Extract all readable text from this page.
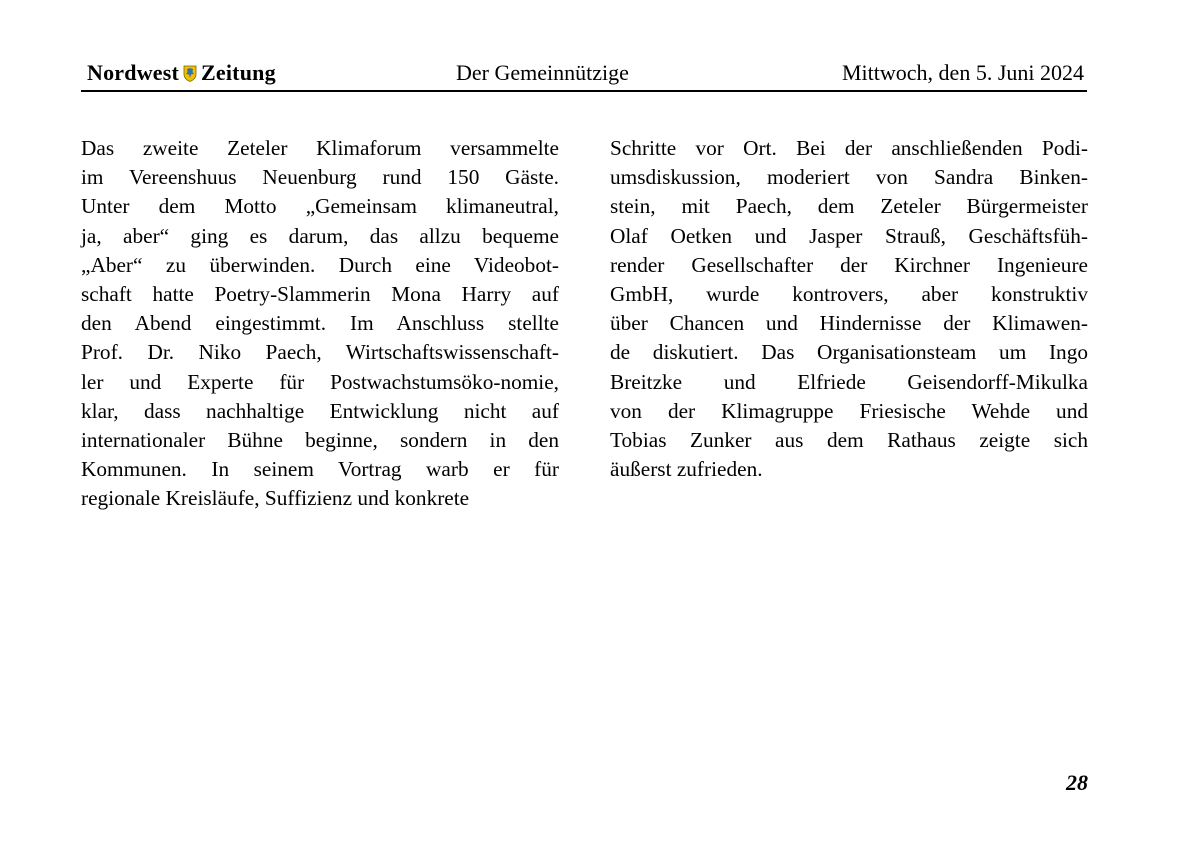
Nordwest Zeitung	Der Gemeinnützige	Mittwoch, den 5. Juni 2024
Das zweite Zeteler Klimaforum versammelte
im Vereenshuus Neuenburg rund 150 Gäste.
Unter dem Motto „Gemeinsam klimaneutral,
ja, aber“ ging es darum, das allzu bequeme
„Aber“ zu überwinden. Durch eine Videobot-
schaft hatte Poetry-Slammerin Mona Harry auf
den Abend eingestimmt. Im Anschluss stellte
Prof. Dr. Niko Paech, Wirtschaftswissenschaft-
ler und Experte für Postwachstumsöko-nomie,
klar, dass nachhaltige Entwicklung nicht auf
internationaler Bühne beginne, sondern in den
Kommunen. In seinem Vortrag warb er für
regionale Kreisläufe, Suffizienz und konkrete
Schritte vor Ort. Bei der anschließenden Podi-
umsdiskussion, moderiert von Sandra Binken-
stein, mit Paech, dem Zeteler Bürgermeister
Olaf Oetken und Jasper Strauß, Geschäftsfüh-
render Gesellschafter der Kirchner Ingenieure
GmbH, wurde kontrovers, aber konstruktiv
über Chancen und Hindernisse der Klimawen-
de diskutiert. Das Organisationsteam um Ingo
Breitzke und Elfriede Geisendorff-Mikulka
von der Klimagruppe Friesische Wehde und
Tobias Zunker aus dem Rathaus zeigte sich
äußerst zufrieden.
28
